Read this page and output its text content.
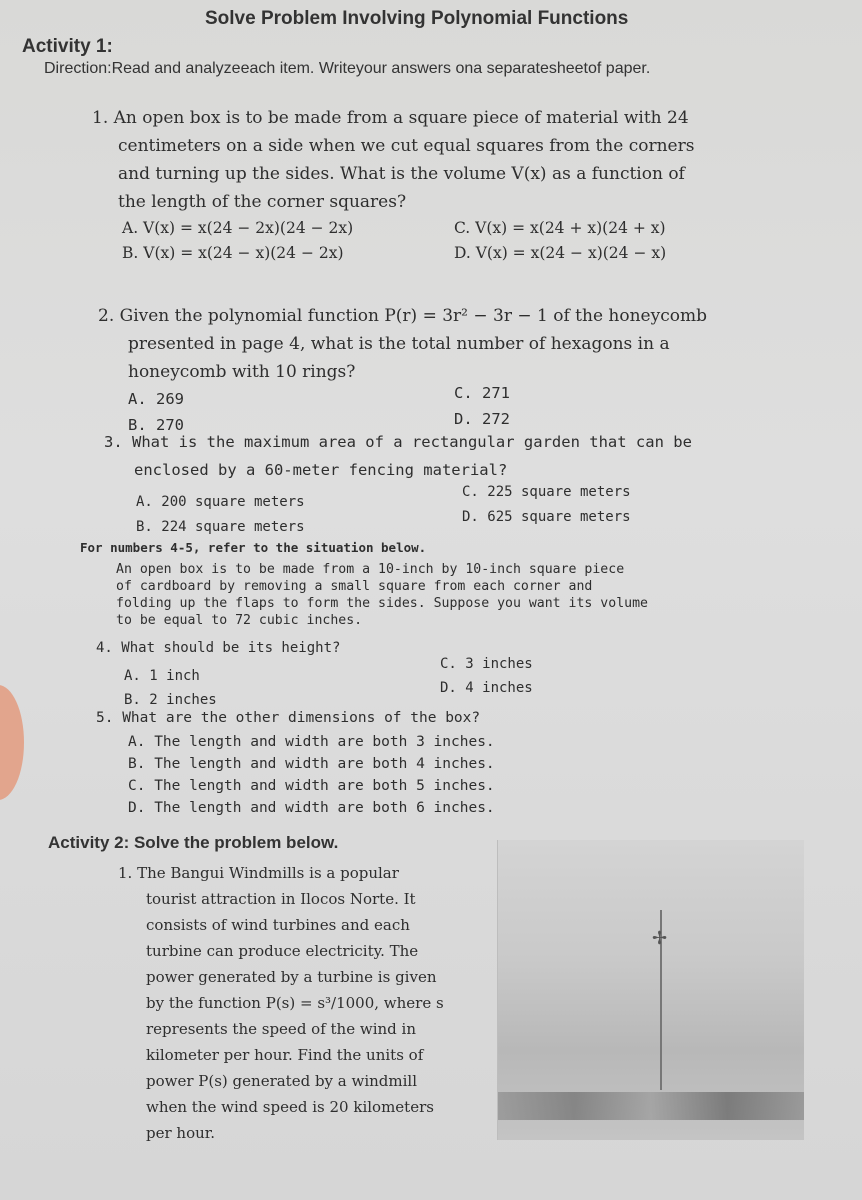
Solve Problem Involving Polynomial Functions
Activity 1:
Direction:Read and analyzeeach item. Writeyour answers ona separatesheetof paper.
1. An open box is to be made from a square piece of material with 24
centimeters on a side when we cut equal squares from the corners
and turning up the sides. What is the volume V(x) as a function of
the length of the corner squares?
A. V(x) = x(24 − 2x)(24 − 2x)	C. V(x) = x(24 + x)(24 + x)
B. V(x) = x(24 − x)(24 − 2x)	D. V(x) = x(24 − x)(24 − x)
2. Given the polynomial function P(r) = 3r² − 3r − 1 of the honeycomb
presented in page 4, what is the total number of hexagons in a
honeycomb with 10 rings?
A. 269	C. 271
B. 270	D. 272
3. What is the maximum area of a rectangular garden that can be
enclosed by a 60-meter fencing material?
A. 200 square meters
C. 225 square meters
B. 224 square meters
D. 625 square meters
For numbers 4-5, refer to the situation below.
An open box is to be made from a 10-inch by 10-inch square piece
of cardboard by removing a small square from each corner and
folding up the flaps to form the sides. Suppose you want its volume
to be equal to 72 cubic inches.
4. What should be its height?
A. 1 inch
C. 3 inches
B. 2 inches
D. 4 inches
5. What are the other dimensions of the box?
A. The length and width are both 3 inches.
B. The length and width are both 4 inches.
C. The length and width are both 5 inches.
D. The length and width are both 6 inches.
Activity 2: Solve the problem below.
1. The Bangui Windmills is a popular
tourist attraction in Ilocos Norte. It
consists of wind turbines and each
turbine can produce electricity. The
power generated by a turbine is given
by the function P(s) = s³/1000, where s
represents the speed of the wind in
kilometer per hour. Find the units of
power P(s) generated by a windmill
when the wind speed is 20 kilometers
per hour.
✢
